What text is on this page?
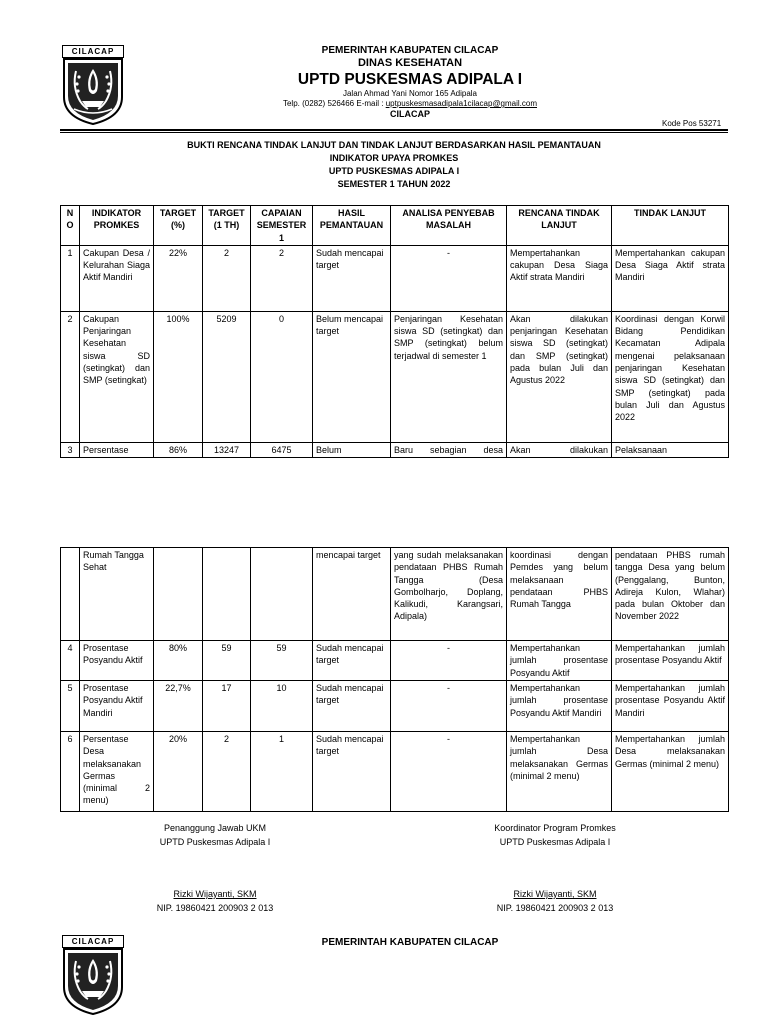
CILACAP	PEMERINTAH KABUPATEN CILACAP
DINAS KESEHATAN
UPTD PUSKESMAS ADIPALA I
Jalan Ahmad Yani Nomor 165 Adipala
Telp. (0282) 526466 E-mail : uptpuskesmasadipala1cilacap@gmail.com
CILACAP
Kode Pos 53271
BUKTI RENCANA TINDAK LANJUT DAN TINDAK LANJUT BERDASARKAN HASIL PEMANTAUAN
INDIKATOR UPAYA PROMKES
UPTD PUSKESMAS ADIPALA I
SEMESTER 1 TAHUN 2022
N O	INDIKATOR PROMKES	TARGET (%)	TARGET (1 TH)	CAPAIAN SEMESTER 1	HASIL PEMANTAUAN	ANALISA PENYEBAB MASALAH	RENCANA TINDAK LANJUT	TINDAK LANJUT
1	Cakupan Desa / Kelurahan Siaga Aktif Mandiri	22%	2	2	Sudah mencapai target	-	Mempertahankan cakupan Desa Siaga Aktif strata Mandiri	Mempertahankan cakupan Desa Siaga Aktif strata Mandiri
2	Cakupan Penjaringan Kesehatan siswa SD (setingkat) dan SMP (setingkat)	100%	5209	0	Belum mencapai target	Penjaringan Kesehatan siswa SD (setingkat) dan SMP (setingkat) belum terjadwal di semester 1	Akan dilakukan penjaringan Kesehatan siswa SD (setingkat) dan SMP (setingkat) pada bulan Juli dan Agustus 2022	Koordinasi dengan Korwil Bidang Pendidikan Kecamatan Adipala mengenai pelaksanaan penjaringan Kesehatan siswa SD (setingkat) dan SMP (setingkat) pada bulan Juli dan Agustus 2022
3	Persentase	86%	13247	6475	Belum	Baru sebagian desa	Akan dilakukan	Pelaksanaan
	Rumah Tangga Sehat				mencapai target	yang sudah melaksanakan pendataan PHBS Rumah Tangga (Desa Gombolharjo, Doplang, Kalikudi, Karangsari, Adipala)	koordinasi dengan Pemdes yang belum melaksanaan pendataan PHBS Rumah Tangga	pendataan PHBS rumah tangga Desa yang belum (Penggalang, Bunton, Adireja Kulon, Wlahar) pada bulan Oktober dan November 2022
4	Prosentase Posyandu Aktif	80%	59	59	Sudah mencapai target	-	Mempertahankan jumlah prosentase Posyandu Aktif	Mempertahankan jumlah prosentase Posyandu Aktif
5	Prosentase Posyandu Aktif Mandiri	22,7%	17	10	Sudah mencapai target	-	Mempertahankan jumlah prosentase Posyandu Aktif Mandiri	Mempertahankan jumlah prosentase Posyandu Aktif Mandiri
6	Persentase Desa melaksanakan Germas (minimal 2 menu)	20%	2	1	Sudah mencapai target	-	Mempertahankan jumlah Desa melaksanakan Germas (minimal 2 menu)	Mempertahankan jumlah Desa melaksanakan Germas (minimal 2 menu)
Penanggung Jawab UKM
UPTD Puskesmas Adipala I
Rizki Wijayanti, SKM
NIP. 19860421 200903 2 013
Koordinator Program Promkes
UPTD Puskesmas Adipala I
Rizki Wijayanti, SKM
NIP. 19860421 200903 2 013
CILACAP	PEMERINTAH KABUPATEN CILACAP
